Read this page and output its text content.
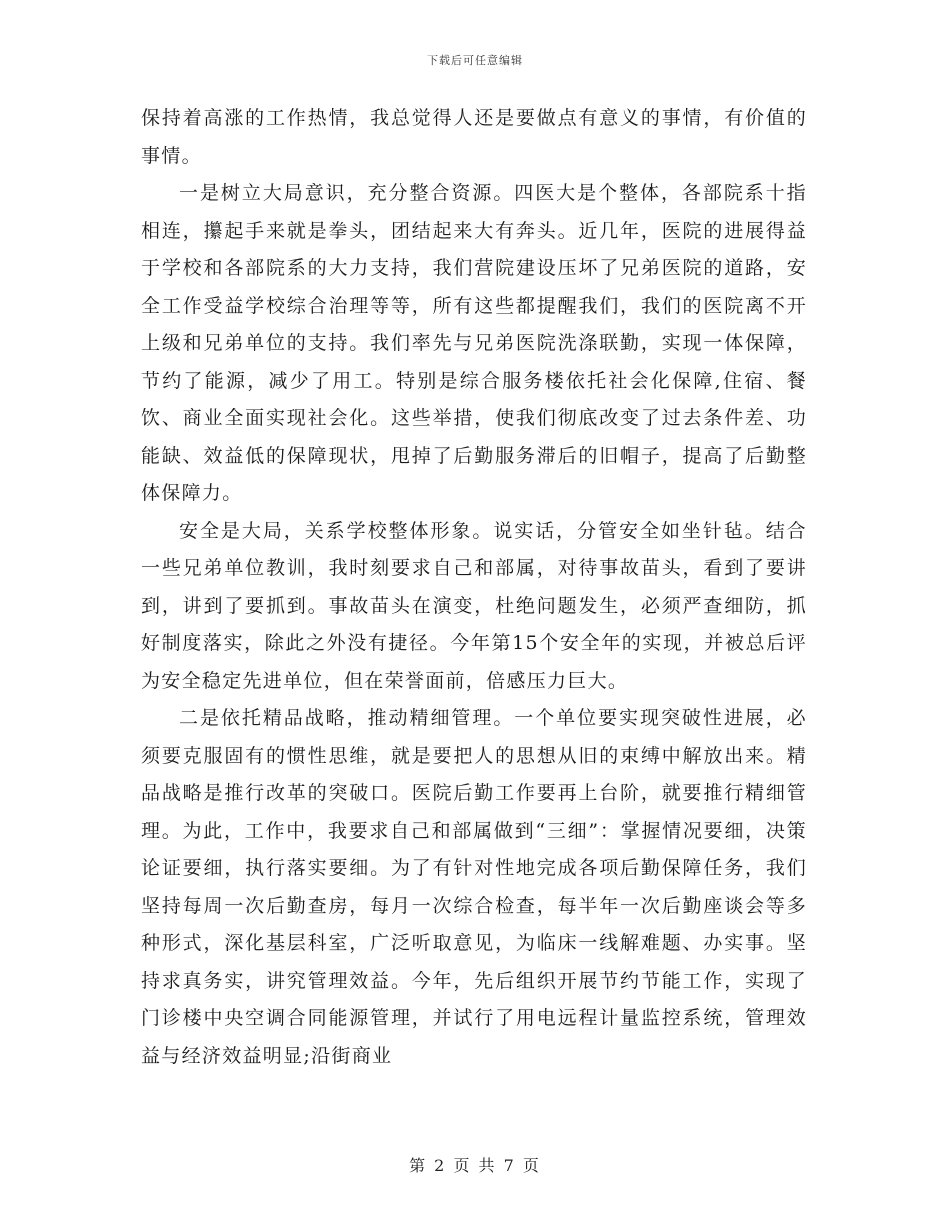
下载后可任意编辑

保持着高涨的工作热情，我总觉得人还是要做点有意义的事情，有价值的事情。

一是树立大局意识，充分整合资源。四医大是个整体，各部院系十指相连，攥起手来就是拳头，团结起来大有奔头。近几年，医院的进展得益于学校和各部院系的大力支持，我们营院建设压坏了兄弟医院的道路，安全工作受益学校综合治理等等，所有这些都提醒我们，我们的医院离不开上级和兄弟单位的支持。我们率先与兄弟医院洗涤联勤，实现一体保障，节约了能源，减少了用工。特别是综合服务楼依托社会化保障,住宿、餐饮、商业全面实现社会化。这些举措，使我们彻底改变了过去条件差、功能缺、效益低的保障现状，甩掉了后勤服务滞后的旧帽子，提高了后勤整体保障力。

安全是大局，关系学校整体形象。说实话，分管安全如坐针毡。结合一些兄弟单位教训，我时刻要求自己和部属，对待事故苗头，看到了要讲到，讲到了要抓到。事故苗头在演变，杜绝问题发生，必须严查细防，抓好制度落实，除此之外没有捷径。今年第15个安全年的实现，并被总后评为安全稳定先进单位，但在荣誉面前，倍感压力巨大。

二是依托精品战略，推动精细管理。一个单位要实现突破性进展，必须要克服固有的惯性思维，就是要把人的思想从旧的束缚中解放出来。精品战略是推行改革的突破口。医院后勤工作要再上台阶，就要推行精细管理。为此，工作中，我要求自己和部属做到“三细”：掌握情况要细，决策论证要细，执行落实要细。为了有针对性地完成各项后勤保障任务，我们坚持每周一次后勤查房，每月一次综合检查，每半年一次后勤座谈会等多种形式，深化基层科室，广泛听取意见，为临床一线解难题、办实事。坚持求真务实，讲究管理效益。今年，先后组织开展节约节能工作，实现了门诊楼中央空调合同能源管理，并试行了用电远程计量监控系统，管理效益与经济效益明显;沿街商业

第 2 页 共 7 页
